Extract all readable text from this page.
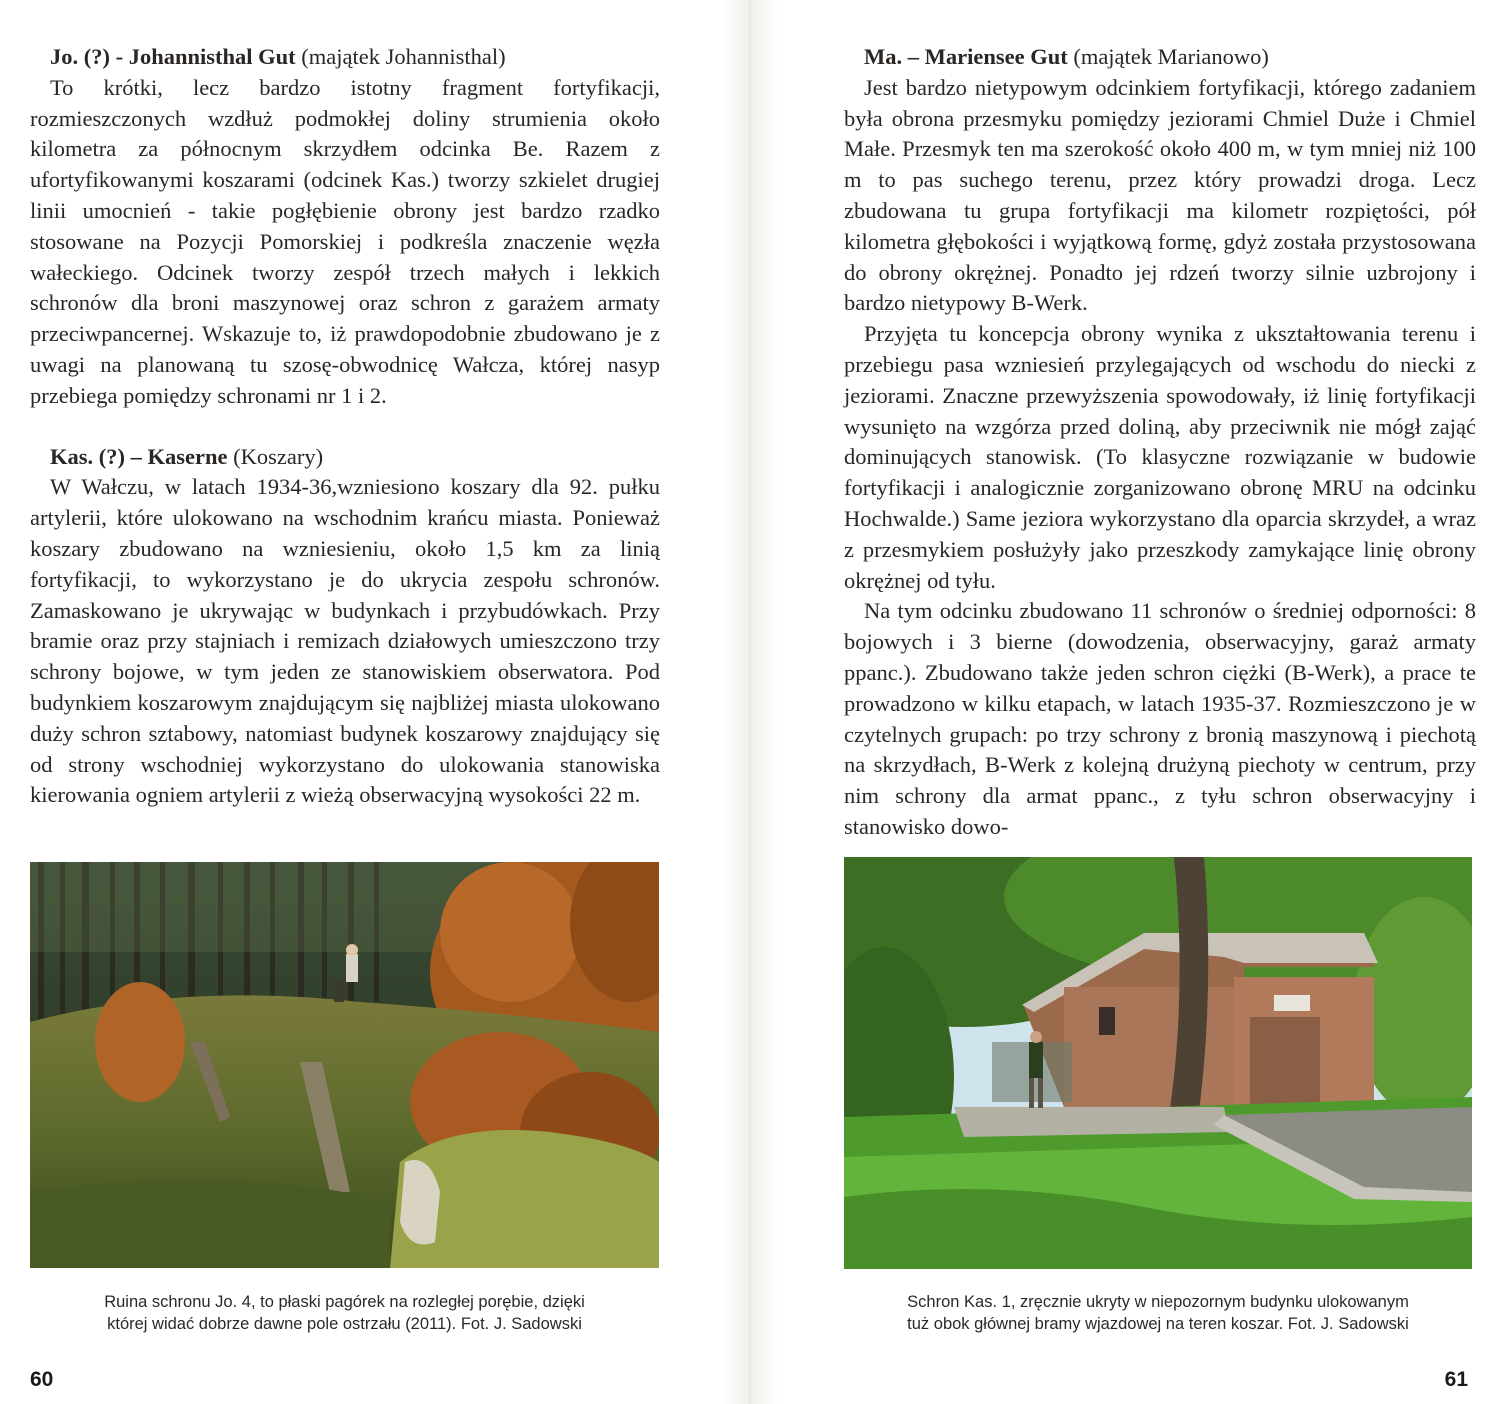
Jo. (?) - Johannisthal Gut (majątek Johannisthal)

To krótki, lecz bardzo istotny fragment fortyfikacji, rozmieszczonych wzdłuż podmokłej doliny strumienia około kilometra za północnym skrzydłem odcinka Be. Razem z ufortyfikowanymi koszarami (odcinek Kas.) tworzy szkielet drugiej linii umocnień - takie pogłębienie obrony jest bardzo rzadko stosowane na Pozycji Pomorskiej i podkreśla znaczenie węzła wałeckiego. Odcinek tworzy zespół trzech małych i lekkich schronów dla broni maszynowej oraz schron z garażem armaty przeciwpancernej. Wskazuje to, iż prawdopodobnie zbudowano je z uwagi na planowaną tu szosę-obwodnicę Wałcza, której nasyp przebiega pomiędzy schronami nr 1 i 2.

Kas. (?) – Kaserne (Koszary)

W Wałczu, w latach 1934-36,wzniesiono koszary dla 92. pułku artylerii, które ulokowano na wschodnim krańcu miasta. Ponieważ koszary zbudowano na wzniesieniu, około 1,5 km za linią fortyfikacji, to wykorzystano je do ukrycia zespołu schronów. Zamaskowano je ukrywając w budynkach i przybudówkach. Przy bramie oraz przy stajniach i remizach działowych umieszczono trzy schrony bojowe, w tym jeden ze stanowiskiem obserwatora. Pod budynkiem koszarowym znajdującym się najbliżej miasta ulokowano duży schron sztabowy, natomiast budynek koszarowy znajdujący się od strony wschodniej wykorzystano do ulokowania stanowiska kierowania ogniem artylerii z wieżą obserwacyjną wysokości 22 m.

Ruina schronu Jo. 4, to płaski pagórek na rozległej porębie, dzięki
której widać dobrze dawne pole ostrzału (2011). Fot. J. Sadowski
60
Ma. – Mariensee Gut (majątek Marianowo)

Jest bardzo nietypowym odcinkiem fortyfikacji, którego zadaniem była obrona przesmyku pomiędzy jeziorami Chmiel Duże i Chmiel Małe. Przesmyk ten ma szerokość około 400 m, w tym mniej niż 100 m to pas suchego terenu, przez który prowadzi droga. Lecz zbudowana tu grupa fortyfikacji ma kilometr rozpiętości, pół kilometra głębokości i wyjątkową formę, gdyż została przystosowana do obrony okrężnej. Ponadto jej rdzeń tworzy silnie uzbrojony i bardzo nietypowy B-Werk.

Przyjęta tu koncepcja obrony wynika z ukształtowania terenu i przebiegu pasa wzniesień przylegających od wschodu do niecki z jeziorami. Znaczne przewyższenia spowodowały, iż linię fortyfikacji wysunięto na wzgórza przed doliną, aby przeciwnik nie mógł zająć dominujących stanowisk. (To klasyczne rozwiązanie w budowie fortyfikacji i analogicznie zorganizowano obronę MRU na odcinku Hochwalde.) Same jeziora wykorzystano dla oparcia skrzydeł, a wraz z przesmykiem posłużyły jako przeszkody zamykające linię obrony okrężnej od tyłu.

Na tym odcinku zbudowano 11 schronów o średniej odporności: 8 bojowych i 3 bierne (dowodzenia, obserwacyjny, garaż armaty ppanc.). Zbudowano także jeden schron ciężki (B-Werk), a prace te prowadzono w kilku etapach, w latach 1935-37. Rozmieszczono je w czytelnych grupach: po trzy schrony z bronią maszynową i piechotą na skrzydłach, B-Werk z kolejną drużyną piechoty w centrum, przy nim schrony dla armat ppanc., z tyłu schron obserwacyjny i stanowisko dowo-

Schron Kas. 1, zręcznie ukryty w niepozornym budynku ulokowanym
tuż obok głównej bramy wjazdowej na teren koszar. Fot. J. Sadowski
61
